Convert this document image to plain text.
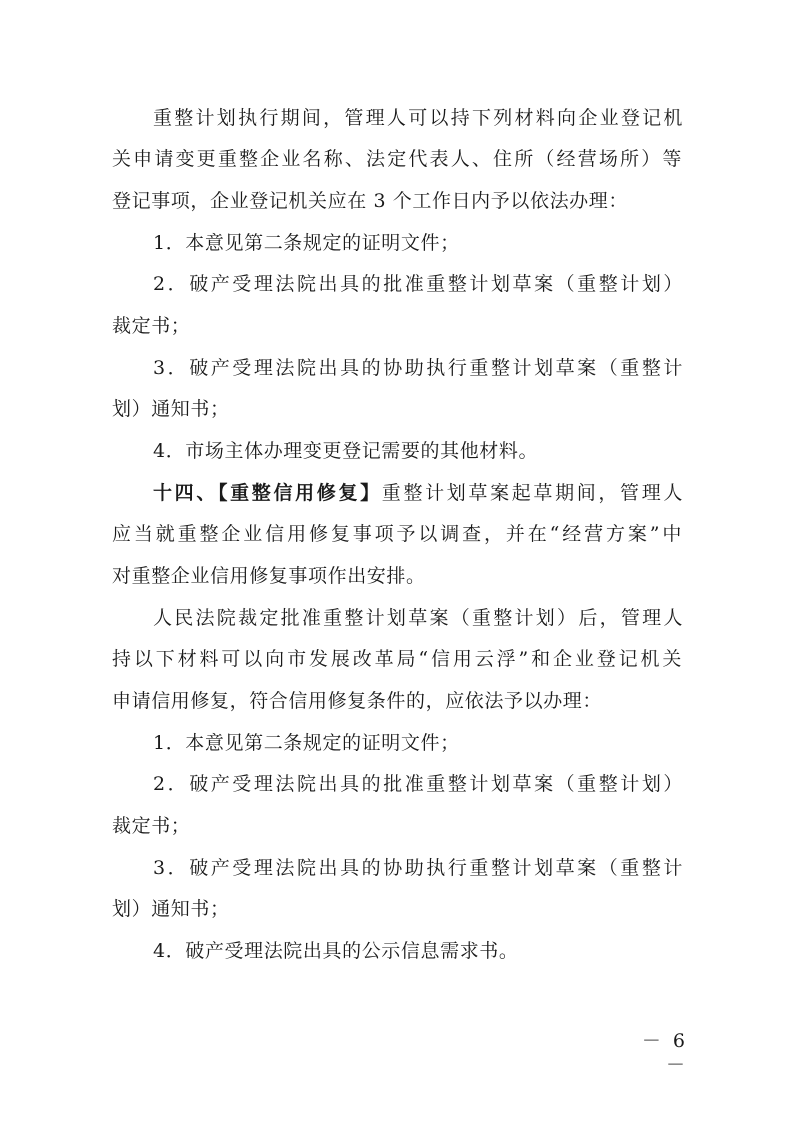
重整计划执行期间，管理人可以持下列材料向企业登记机
关申请变更重整企业名称、法定代表人、住所（经营场所）等
登记事项，企业登记机关应在 3 个工作日内予以依法办理：
1．本意见第二条规定的证明文件；
2．破产受理法院出具的批准重整计划草案（重整计划）
裁定书；
3．破产受理法院出具的协助执行重整计划草案（重整计
划）通知书；
4．市场主体办理变更登记需要的其他材料。
十四、【重整信用修复】重整计划草案起草期间，管理人
应当就重整企业信用修复事项予以调查，并在“经营方案”中
对重整企业信用修复事项作出安排。
人民法院裁定批准重整计划草案（重整计划）后，管理人
持以下材料可以向市发展改革局“信用云浮”和企业登记机关
申请信用修复，符合信用修复条件的，应依法予以办理：
1．本意见第二条规定的证明文件；
2．破产受理法院出具的批准重整计划草案（重整计划）
裁定书；
3．破产受理法院出具的协助执行重整计划草案（重整计
划）通知书；
4．破产受理法院出具的公示信息需求书。
－ 6 －
